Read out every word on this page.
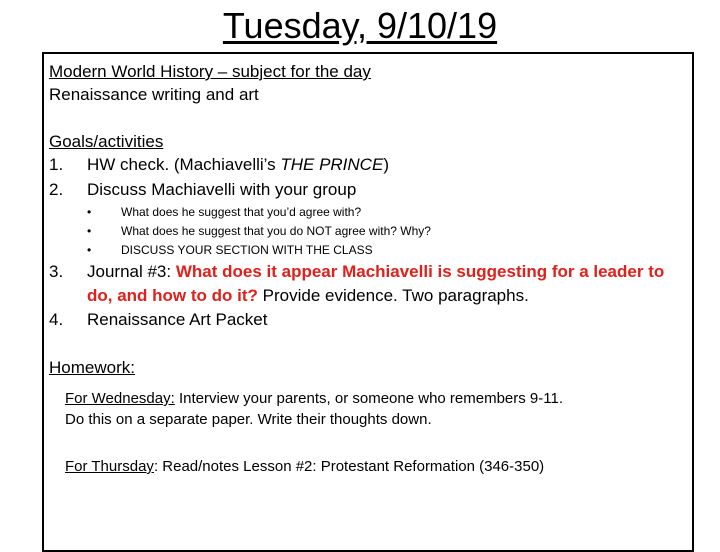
Tuesday, 9/10/19
Modern World History – subject for the day
Renaissance writing and art
Goals/activities
1. HW check. (Machiavelli’s THE PRINCE)
2. Discuss Machiavelli with your group
• What does he suggest that you’d agree with?
• What does he suggest that you do NOT agree with? Why?
• DISCUSS YOUR SECTION WITH THE CLASS
3. Journal #3: What does it appear Machiavelli is suggesting for a leader to
do, and how to do it? Provide evidence. Two paragraphs.
4. Renaissance Art Packet
Homework:
For Wednesday: Interview your parents, or someone who remembers 9-11.
Do this on a separate paper. Write their thoughts down.
For Thursday: Read/notes Lesson #2: Protestant Reformation (346-350)
